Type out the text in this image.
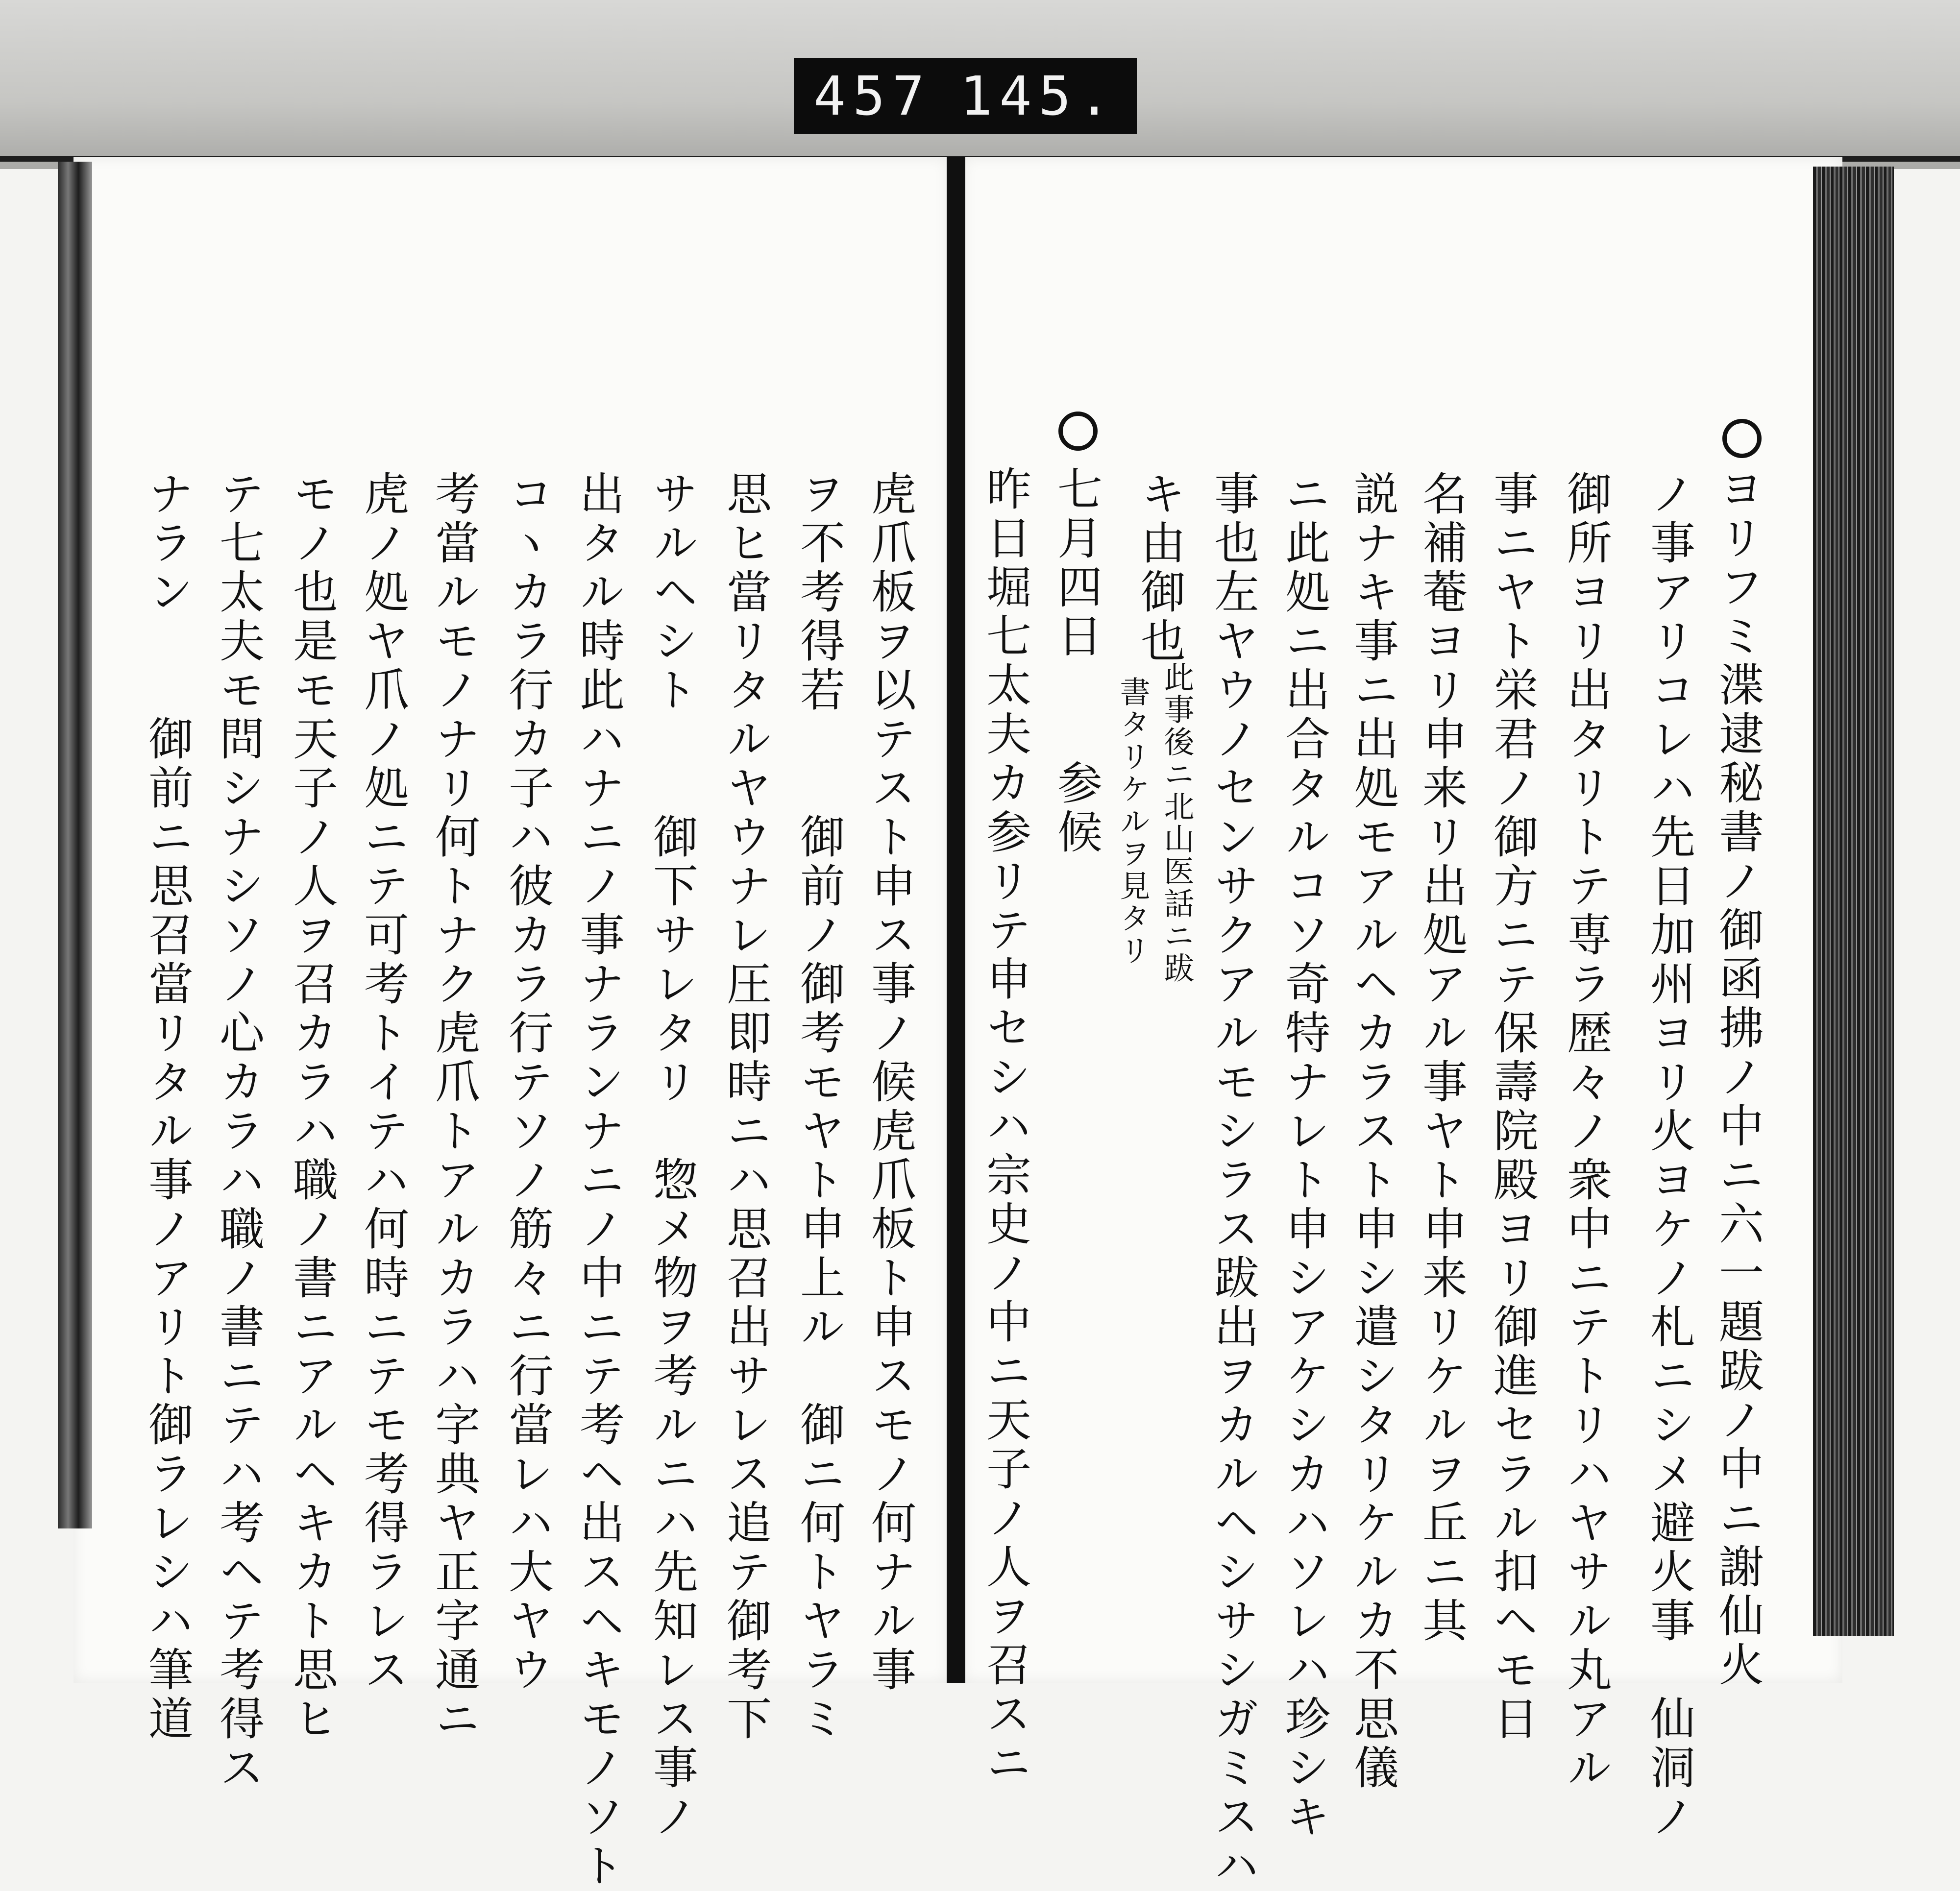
457 145.
ヨリフミ渫逮秘書ノ御函拂ノ中ニ六一題跋ノ中ニ謝仙火
ノ事アリコレハ先日加州ヨリ火ヨケノ札ニシメ避火事　仙洞ノ
御所ヨリ出タリトテ専ラ歴々ノ衆中ニテトリハヤサル丸アル
事ニヤト栄君ノ御方ニテ保壽院殿ヨリ御進セラル扣ヘモ日
名補菴ヨリ申来リ出処アル事ヤト申来リケルヲ丘ニ其
説ナキ事ニ出処モアルヘカラスト申シ遣シタリケルカ不思儀
ニ此処ニ出合タルコソ奇特ナレト申シアケシカハソレハ珍シキ
事也左ヤウノセンサクアルモシラス跋出ヲカルヘシサシガミスハ
キ由御也
此事後ニ北山医話ニ跋
書タリケルヲ見タリ
七月四日　　参候
昨日堀七太夫カ参リテ申セシハ宗史ノ中ニ天子ノ人ヲ召スニ
虎爪板ヲ以テスト申ス事ノ候虎爪板ト申スモノ何ナル事
ヲ不考得若　　御前ノ御考モヤト申上ル　御ニ何トヤラミ
思ヒ當リタルヤウナレ圧即時ニハ思召出サレス追テ御考下
サルヘシト　　御下サレタリ　惣メ物ヲ考ルニハ先知レス事ノ
出タル時此ハナニノ事ナランナニノ中ニテ考ヘ出スヘキモノソト
コヽカラ行カ子ハ彼カラ行テソノ筋々ニ行當レハ大ヤウ
考當ルモノナリ何トナク虎爪トアルカラハ字典ヤ正字通ニ
虎ノ処ヤ爪ノ処ニテ可考トイテハ何時ニテモ考得ラレス
モノ也是モ天子ノ人ヲ召カラハ職ノ書ニアルヘキカト思ヒ
テ七太夫モ問シナシソノ心カラハ職ノ書ニテハ考ヘテ考得ス
ナラン　　御前ニ思召當リタル事ノアリト御ラレシハ筆道
